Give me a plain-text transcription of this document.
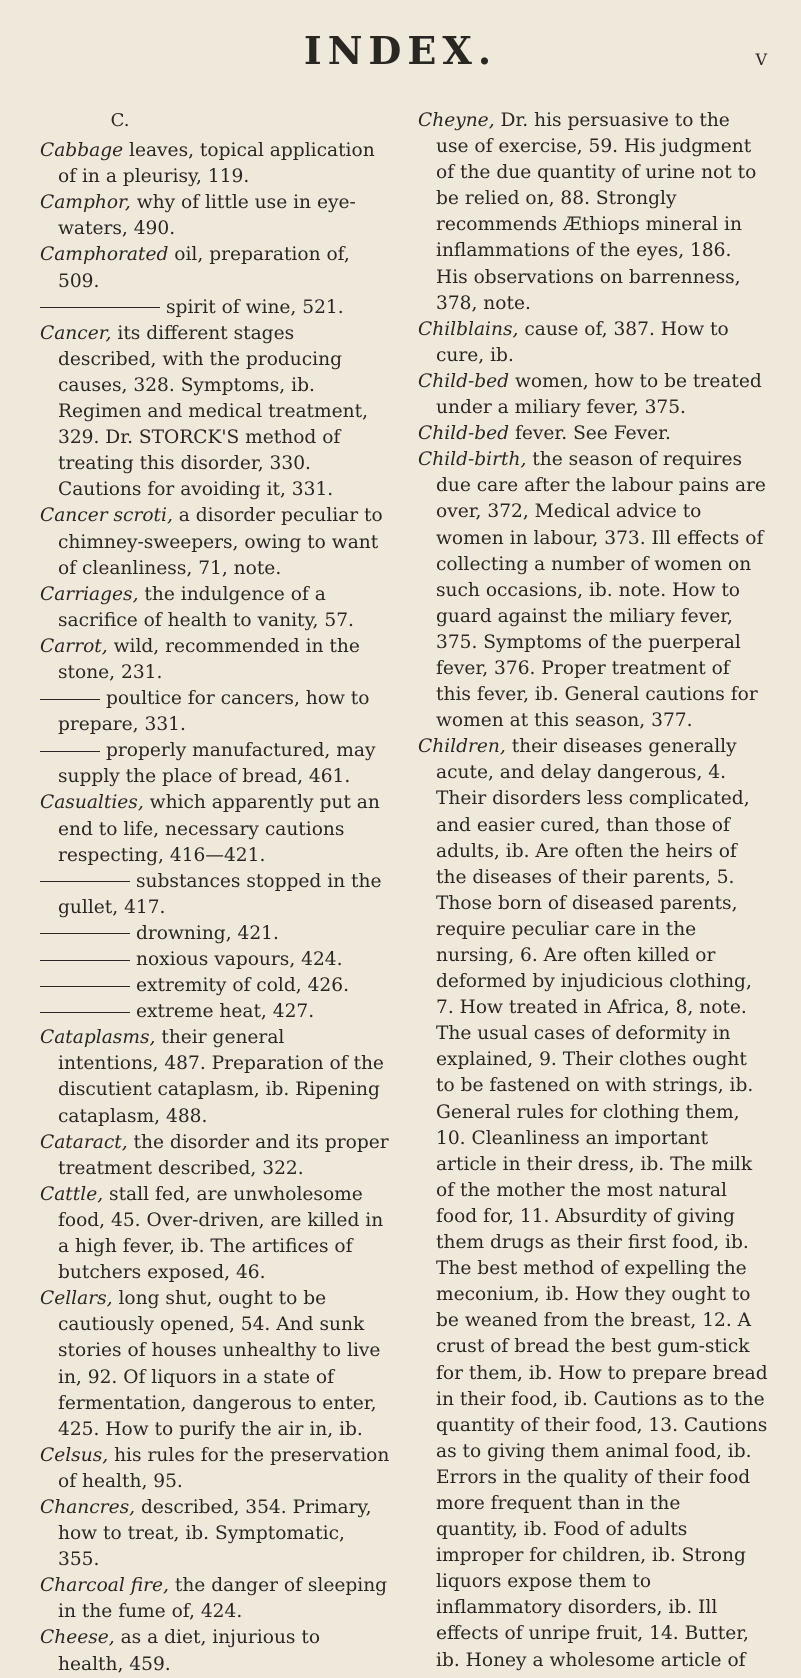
INDEX.	V
C.

Cabbage leaves, topical application of in a pleurisy, 119.

Camphor, why of little use in eye-waters, 490.

Camphorated oil, preparation of, 509.

spirit of wine, 521.

Cancer, its different stages described, with the producing causes, 328. Symptoms, ib. Regimen and medical treatment, 329. Dr. STORCK'S method of treating this disorder, 330. Cautions for avoiding it, 331.

Cancer scroti, a disorder peculiar to chimney-sweepers, owing to want of cleanliness, 71, note.

Carriages, the indulgence of a sacrifice of health to vanity, 57.

Carrot, wild, recommended in the stone, 231.

poultice for cancers, how to prepare, 331.

properly manufactured, may supply the place of bread, 461.

Casualties, which apparently put an end to life, necessary cautions respecting, 416—421.

substances stopped in the gullet, 417.

drowning, 421.

noxious vapours, 424.

extremity of cold, 426.

extreme heat, 427.

Cataplasms, their general intentions, 487. Preparation of the discutient cataplasm, ib. Ripening cataplasm, 488.

Cataract, the disorder and its proper treatment described, 322.

Cattle, stall fed, are unwholesome food, 45. Over-driven, are killed in a high fever, ib. The artifices of butchers exposed, 46.

Cellars, long shut, ought to be cautiously opened, 54. And sunk stories of houses unhealthy to live in, 92. Of liquors in a state of fermentation, dangerous to enter, 425. How to purify the air in, ib.

Celsus, his rules for the preservation of health, 95.

Chancres, described, 354. Primary, how to treat, ib. Symptomatic, 355.

Charcoal fire, the danger of sleeping in the fume of, 424.

Cheese, as a diet, injurious to health, 459.

Cheyne, Dr. his persuasive to the use of exercise, 59. His judgment of the due quantity of urine not to be relied on, 88. Strongly recommends Æthiops mineral in inflammations of the eyes, 186. His observations on barrenness, 378, note.

Chilblains, cause of, 387. How to cure, ib.

Child-bed women, how to be treated under a miliary fever, 375.

Child-bed fever. See Fever.

Child-birth, the season of requires due care after the labour pains are over, 372, Medical advice to women in labour, 373. Ill effects of collecting a number of women on such occasions, ib. note. How to guard against the miliary fever, 375. Symptoms of the puerperal fever, 376. Proper treatment of this fever, ib. General cautions for women at this season, 377.

Children, their diseases generally acute, and delay dangerous, 4. Their disorders less complicated, and easier cured, than those of adults, ib. Are often the heirs of the diseases of their parents, 5. Those born of diseased parents, require peculiar care in the nursing, 6. Are often killed or deformed by injudicious clothing, 7. How treated in Africa, 8, note. The usual cases of deformity in explained, 9. Their clothes ought to be fastened on with strings, ib. General rules for clothing them, 10. Cleanliness an important article in their dress, ib. The milk of the mother the most natural food for, 11. Absurdity of giving them drugs as their first food, ib. The best method of expelling the meconium, ib. How they ought to be weaned from the breast, 12. A crust of bread the best gum-stick for them, ib. How to prepare bread in their food, ib. Cautions as to the quantity of their food, 13. Cautions as to giving them animal food, ib. Errors in the quality of their food more frequent than in the quantity, ib. Food of adults improper for children, ib. Strong liquors expose them to inflammatory disorders, ib. Ill effects of unripe fruit, 14. Butter, ib. Honey a wholesome article of
